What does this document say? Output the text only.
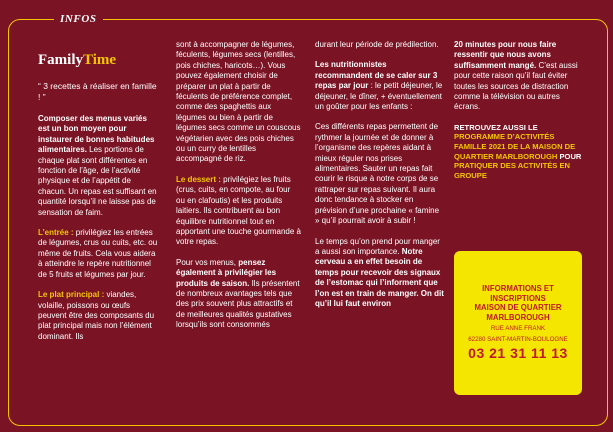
INFOS
FamilyTime
“ 3 recettes à réaliser en famille ! ”

Composer des menus variés est un bon moyen pour instaurer de bonnes habitudes alimentaires. Les portions de chaque plat sont différentes en fonction de l’âge, de l’activité physique et de l’appétit de chacun. Un repas est suffisant en quantité lorsqu’il ne laisse pas de sensation de faim.

L’entrée : privilégiez les entrées de légumes, crus ou cuits, etc. ou même de fruits. Cela vous aidera à atteindre le repère nutritionnel de 5 fruits et légumes par jour.

Le plat principal : viandes, volaille, poissons ou œufs peuvent être des composants du plat principal mais non l’élément dominant. Ils

sont à accompagner de légumes, féculents, légumes secs (lentilles, pois chiches, haricots…). Vous pouvez également choisir de préparer un plat à partir de féculents de préférence complet, comme des spaghettis aux légumes ou bien à partir de légumes secs comme un couscous végétarien avec des pois chiches ou un curry de lentilles accompagné de riz.

Le dessert : privilégiez les fruits (crus, cuits, en compote, au four ou en clafoutis) et les produits laitiers. Ils contribuent au bon équilibre nutritionnel tout en apportant une touche gourmande à votre repas.

Pour vos menus, pensez également à privilégier les produits de saison. Ils présentent de nombreux avantages tels que des prix souvent plus attractifs et de meilleures qualités gustatives lorsqu’ils sont consommés

durant leur période de prédilection.

Les nutritionnistes recommandent de se caler sur 3 repas par jour : le petit déjeuner, le déjeuner, le dîner, + éventuellement un goûter pour les enfants :

Ces différents repas permettent de rythmer la journée et de donner à l’organisme des repères aidant à mieux réguler nos prises alimentaires. Sauter un repas fait courir le risque à notre corps de se rattraper sur repas suivant. Il aura donc tendance à stocker en prévision d’une prochaine « famine » qu’il pourrait avoir à subir !

Le temps qu’on prend pour manger a aussi son importance. Notre cerveau a en effet besoin de temps pour recevoir des signaux de l’estomac qui l’informent que l’on est en train de manger. On dit qu’il lui faut environ

20 minutes pour nous faire ressentir que nous avons suffisamment mangé. C’est aussi pour cette raison qu’il faut éviter toutes les sources de distraction comme la télévision ou autres écrans.

RETROUVEZ AUSSI LE PROGRAMME D’ACTIVITÉS FAMILLE 2021 DE LA MAISON DE QUARTIER MARLBOROUGH POUR PRATIQUER DES ACTIVITÉS EN GROUPE

INFORMATIONS ET INSCRIPTIONS
MAISON DE QUARTIER MARLBOROUGH
RUE ANNE FRANK
62280 SAINT-MARTIN-BOULOGNE
03 21 31 11 13
